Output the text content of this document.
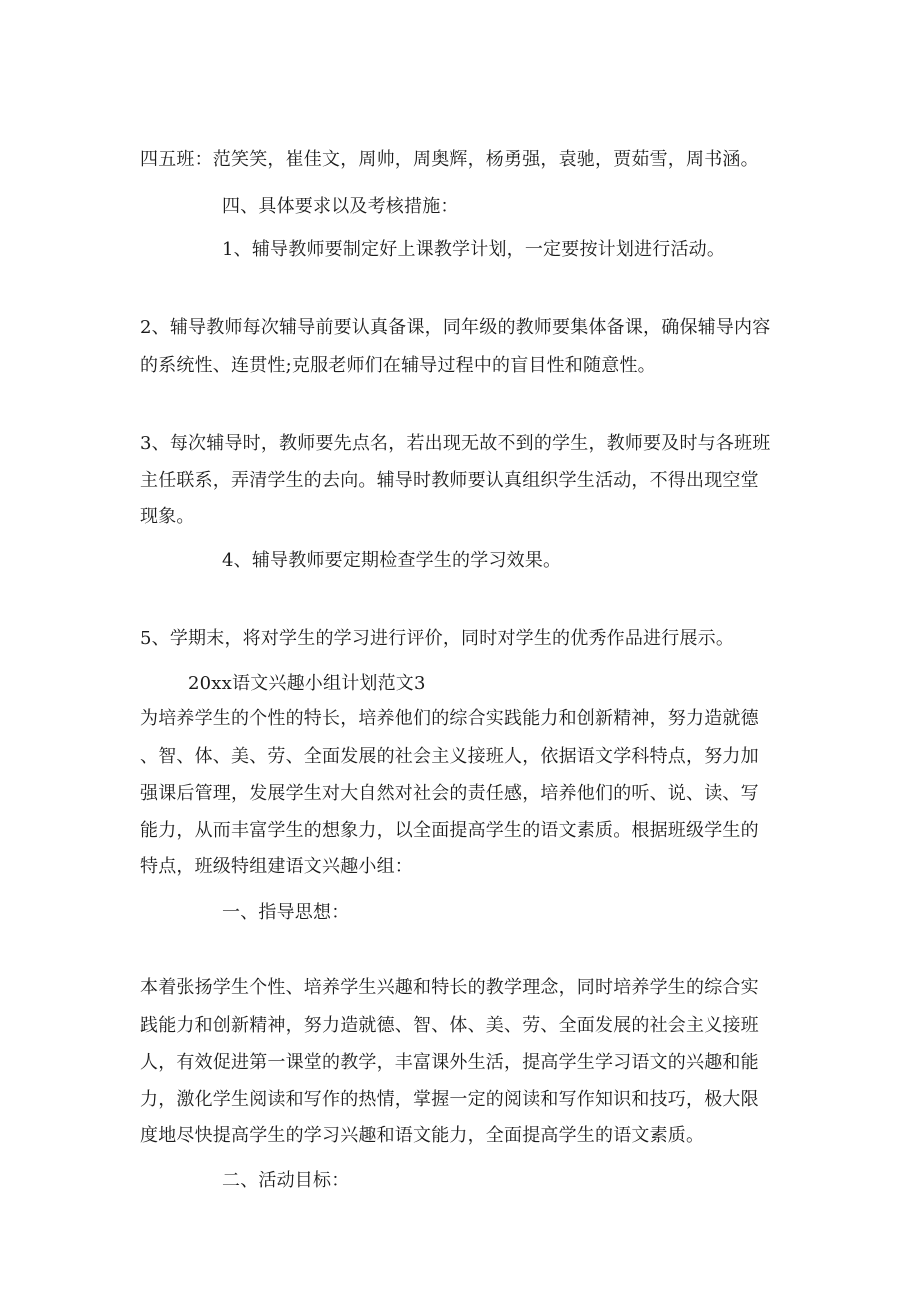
四五班：范笑笑，崔佳文，周帅，周奥辉，杨勇强，袁驰，贾茹雪，周书涵。
四、具体要求以及考核措施：
1、辅导教师要制定好上课教学计划，一定要按计划进行活动。
2、辅导教师每次辅导前要认真备课，同年级的教师要集体备课，确保辅导内容
的系统性、连贯性;克服老师们在辅导过程中的盲目性和随意性。
3、每次辅导时，教师要先点名，若出现无故不到的学生，教师要及时与各班班
主任联系，弄清学生的去向。辅导时教师要认真组织学生活动，不得出现空堂
现象。
4、辅导教师要定期检查学生的学习效果。
5、学期末，将对学生的学习进行评价，同时对学生的优秀作品进行展示。
20xx语文兴趣小组计划范文3
为培养学生的个性的特长，培养他们的综合实践能力和创新精神，努力造就德
、智、体、美、劳、全面发展的社会主义接班人，依据语文学科特点，努力加
强课后管理，发展学生对大自然对社会的责任感，培养他们的听、说、读、写
能力，从而丰富学生的想象力，以全面提高学生的语文素质。根据班级学生的
特点，班级特组建语文兴趣小组：
一、指导思想：
本着张扬学生个性、培养学生兴趣和特长的教学理念，同时培养学生的综合实
践能力和创新精神，努力造就德、智、体、美、劳、全面发展的社会主义接班
人，有效促进第一课堂的教学，丰富课外生活，提高学生学习语文的兴趣和能
力，激化学生阅读和写作的热情，掌握一定的阅读和写作知识和技巧，极大限
度地尽快提高学生的学习兴趣和语文能力，全面提高学生的语文素质。
二、活动目标：
